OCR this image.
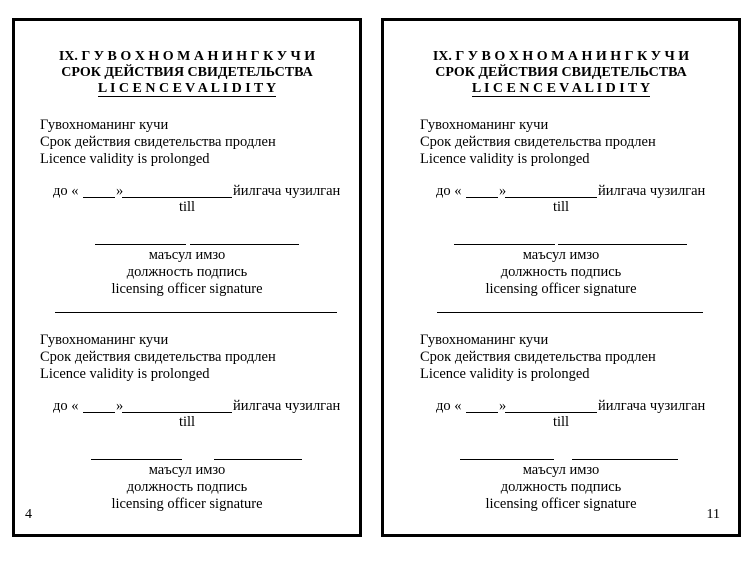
IX. Г У В О Х Н О М А Н И Н Г К У Ч И
СРОК ДЕЙСТВИЯ СВИДЕТЕЛЬСТВА
L I C E N C E V A L I D I T Y
Гувохноманинг кучи
Срок действия свидетельства продлен
Licence validity is prolonged
до «	»	йилгача чузилган
till
маъсул имзо
должность подпись
licensing officer signature
Гувохноманинг кучи
Срок действия свидетельства продлен
Licence validity is prolonged
до «	»	йилгача чузилган
till
маъсул имзо
должность подпись
licensing officer signature
4
IX. Г У В О Х Н О М А Н И Н Г К У Ч И
СРОК ДЕЙСТВИЯ СВИДЕТЕЛЬСТВА
L I C E N C E V A L I D I T Y
Гувохноманинг кучи
Срок действия свидетельства продлен
Licence validity is prolonged
до «	»	йилгача чузилган
till
маъсул имзо
должность подпись
licensing officer signature
Гувохноманинг кучи
Срок действия свидетельства продлен
Licence validity is prolonged
до «	»	йилгача чузилган
till
маъсул имзо
должность подпись
licensing officer signature
11
